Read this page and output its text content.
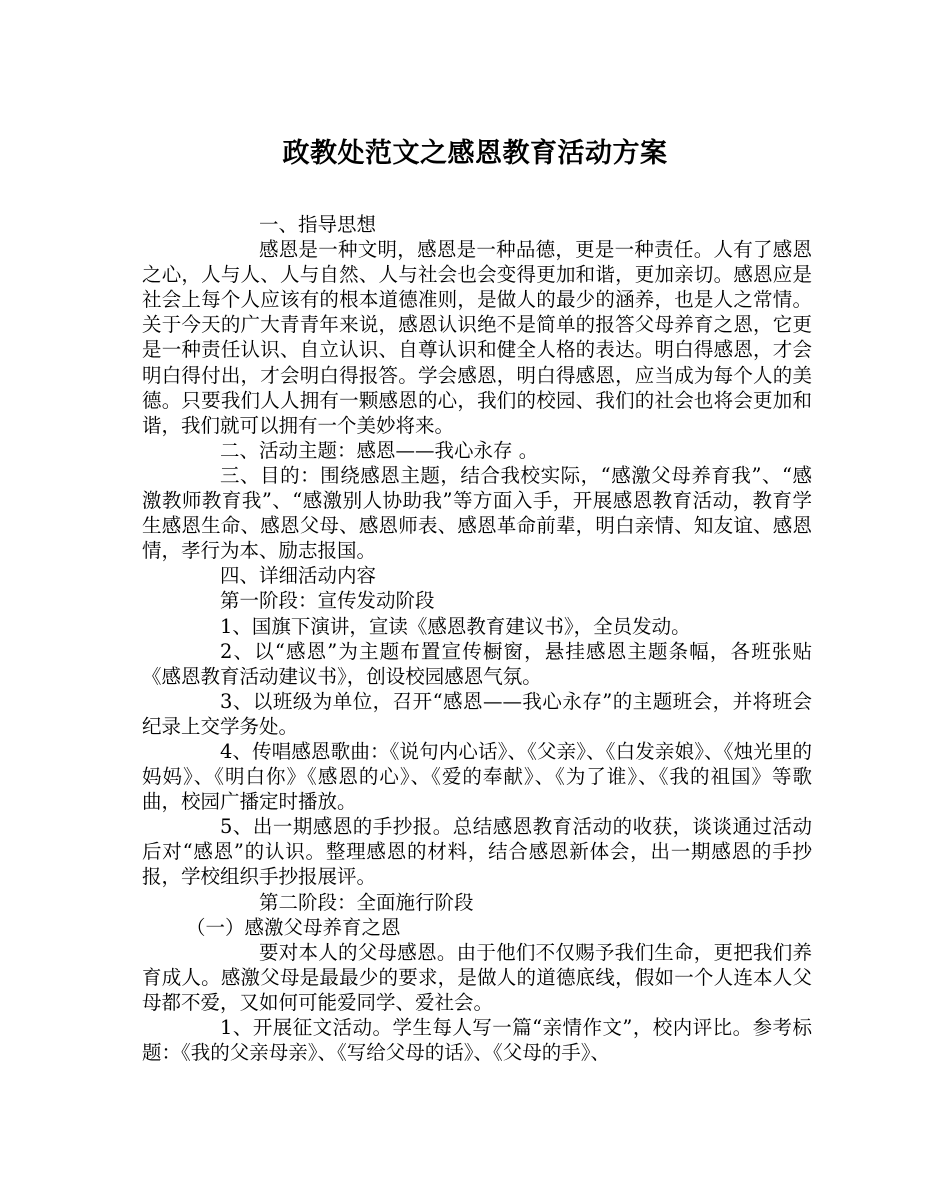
政教处范文之感恩教育活动方案

一、指导思想

感恩是一种文明，感恩是一种品德，更是一种责任。人有了感恩之心，人与人、人与自然、人与社会也会变得更加和谐，更加亲切。感恩应是社会上每个人应该有的根本道德准则，是做人的最少的涵养，也是人之常情。关于今天的广大青青年来说，感恩认识绝不是简单的报答父母养育之恩，它更是一种责任认识、自立认识、自尊认识和健全人格的表达。明白得感恩，才会明白得付出，才会明白得报答。学会感恩，明白得感恩，应当成为每个人的美德。只要我们人人拥有一颗感恩的心，我们的校园、我们的社会也将会更加和谐，我们就可以拥有一个美妙将来。

二、活动主题：感恩——我心永存 。

三、目的：围绕感恩主题，结合我校实际，“感激父母养育我”、“感激教师教育我”、“感激别人协助我”等方面入手，开展感恩教育活动，教育学生感恩生命、感恩父母、感恩师表、感恩革命前辈，明白亲情、知友谊、感恩情，孝行为本、励志报国。

四、详细活动内容

第一阶段：宣传发动阶段

1、国旗下演讲，宣读《感恩教育建议书》，全员发动。

2、以“感恩”为主题布置宣传橱窗，悬挂感恩主题条幅，各班张贴《感恩教育活动建议书》，创设校园感恩气氛。

3、以班级为单位，召开“感恩——我心永存”的主题班会，并将班会纪录上交学务处。

4、传唱感恩歌曲：《说句内心话》、《父亲》、《白发亲娘》、《烛光里的妈妈》、《明白你》《感恩的心》、《爱的奉献》、《为了谁》、《我的祖国》等歌曲，校园广播定时播放。

5、出一期感恩的手抄报。总结感恩教育活动的收获，谈谈通过活动后对“感恩”的认识。整理感恩的材料，结合感恩新体会，出一期感恩的手抄报，学校组织手抄报展评。

第二阶段：全面施行阶段

（一）感激父母养育之恩

要对本人的父母感恩。由于他们不仅赐予我们生命，更把我们养育成人。感激父母是最最少的要求，是做人的道德底线，假如一个人连本人父母都不爱，又如何可能爱同学、爱社会。

1、开展征文活动。学生每人写一篇“亲情作文”，校内评比。参考标题：《我的父亲母亲》、《写给父母的话》、《父母的手》、
